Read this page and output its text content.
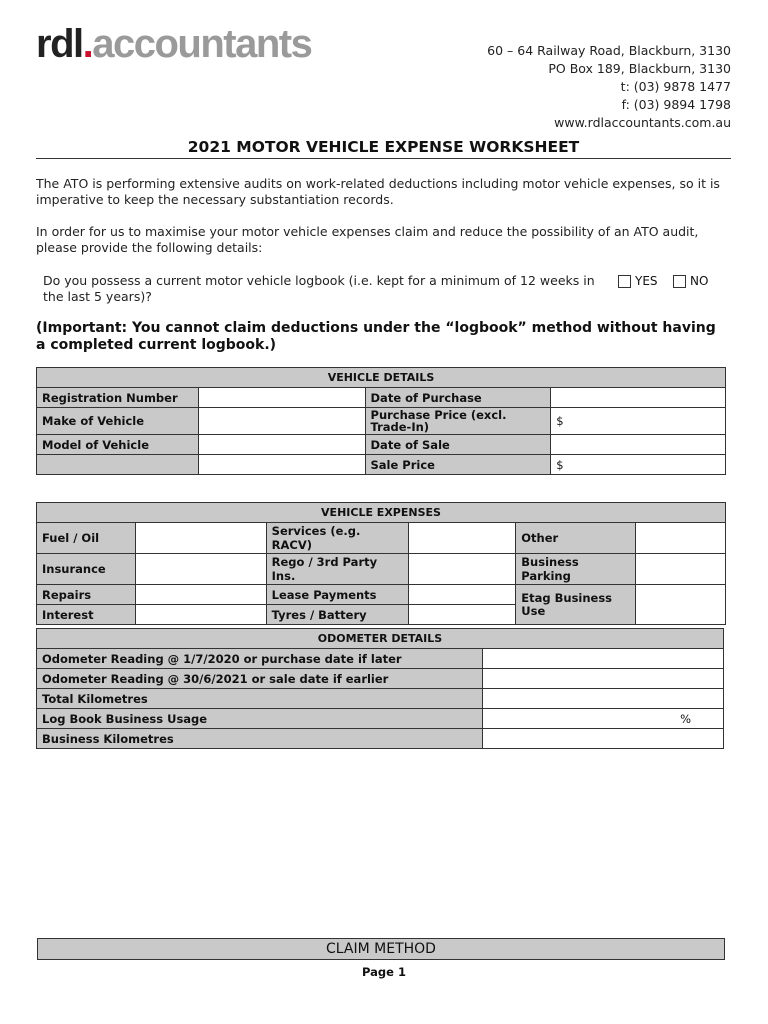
rdl.accountants	60 – 64 Railway Road, Blackburn, 3130
PO Box 189, Blackburn, 3130
t: (03) 9878 1477
f: (03) 9894 1798
www.rdlaccountants.com.au
2021 MOTOR VEHICLE EXPENSE WORKSHEET
The ATO is performing extensive audits on work-related deductions including motor vehicle expenses, so it is imperative to keep the necessary substantiation records.
In order for us to maximise your motor vehicle expenses claim and reduce the possibility of an ATO audit, please provide the following details:
Do you possess a current motor vehicle logbook (i.e. kept for a minimum of 12 weeks in the last 5 years)?
YES	NO
(Important: You cannot claim deductions under the “logbook” method without having a completed current logbook.)
VEHICLE DETAILS			
Registration Number		Date of Purchase	
Make of Vehicle		Purchase Price (excl. Trade-In)	$
Model of Vehicle		Date of Sale	
		Sale Price	$
VEHICLE EXPENSES					
Fuel / Oil		Services (e.g. RACV)		Other	
Insurance		Rego / 3rd Party Ins.		Business Parking	
Repairs		Lease Payments		Etag Business Use	
Interest		Tyres / Battery			
ODOMETER DETAILS	
Odometer Reading @ 1/7/2020 or purchase date if later	
Odometer Reading @ 30/6/2021 or sale date if earlier	
Total Kilometres	
Log Book Business Usage	%
Business Kilometres	
CLAIM METHOD
Page 1
